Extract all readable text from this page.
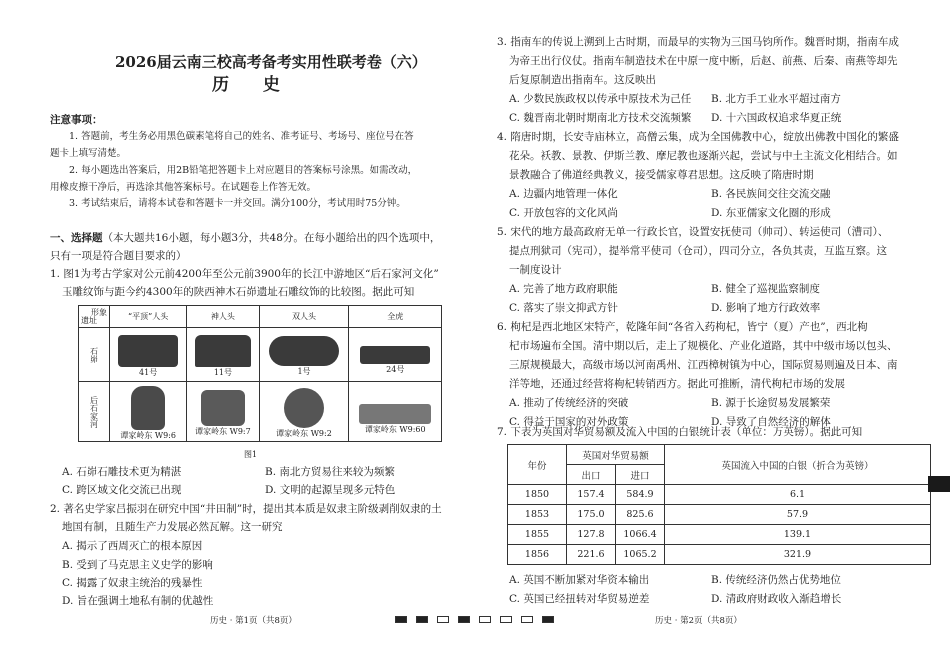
2026届云南三校高考备考实用性联考卷（六）
历 史
注意事项：
1. 答题前，考生务必用黑色碳素笔将自己的姓名、准考证号、考场号、座位号在答
题卡上填写清楚。
2. 每小题选出答案后，用2B铅笔把答题卡上对应题目的答案标号涂黑。如需改动，
用橡皮擦干净后，再选涂其他答案标号。在试题卷上作答无效。
3. 考试结束后，请将本试卷和答题卡一并交回。满分100分，考试用时75分钟。
一、选择题（本大题共16小题，每小题3分，共48分。在每小题给出的四个选项中，
只有一项是符合题目要求的）
1. 图1为考古学家对公元前4200年至公元前3900年的长江中游地区“后石家河文化”
玉雕纹饰与距今约4300年的陕西神木石峁遗址石雕纹饰的比较图。据此可知
形象
遗址	“平顶”人头	神人头	双人头	全虎
石峁	41号	11号	1号	24号

后石家河	谭家岭东 W9:6	谭家岭东 W9:7	谭家岭东 W9:2	谭家岭东 W9:60
图1
A. 石峁石雕技术更为精湛	B. 南北方贸易往来较为频繁
C. 跨区域文化交流已出现	D. 文明的起源呈现多元特色
2. 著名史学家吕振羽在研究中国“井田制”时，提出其本质是奴隶主阶级剥削奴隶的土
地国有制，且随生产力发展必然瓦解。这一研究
A. 揭示了西周灭亡的根本原因
B. 受到了马克思主义史学的影响
C. 揭露了奴隶主统治的残暴性
D. 旨在强调土地私有制的优越性
历史 · 第1页（共8页）
3. 指南车的传说上溯到上古时期，而最早的实物为三国马钧所作。魏晋时期，指南车成
为帝王出行仪仗。指南车制造技术在中原一度中断，后赵、前燕、后秦、南燕等却先
后复原制造出指南车。这反映出
A. 少数民族政权以传承中原技术为己任 B. 北方手工业水平超过南方
C. 魏晋南北朝时期南北方技术交流频繁 D. 十六国政权追求华夏正统
4. 隋唐时期，长安寺庙林立，高僧云集，成为全国佛教中心，绽放出佛教中国化的繁盛
花朵。袄教、景教、伊斯兰教、摩尼教也逐渐兴起，尝试与中土主流文化相结合。如
景教融合了佛道经典教义，接受儒家尊君思想。这反映了隋唐时期
A. 边疆内地管理一体化	B. 各民族间交往交流交融
C. 开放包容的文化风尚	D. 东亚儒家文化圈的形成
5. 宋代的地方最高政府无单一行政长官，设置安抚使司（帅司）、转运使司（漕司）、
提点刑狱司（宪司），提举常平使司（仓司），四司分立，各负其责，互监互察。这
一制度设计
A. 完善了地方政府职能	B. 健全了巡视监察制度
C. 落实了崇文抑武方针	D. 影响了地方行政效率
6. 枸杞是西北地区宋特产，乾隆年间“各省入药枸杞，皆宁（夏）产也”，西北枸
杞市场遍布全国。清中期以后，走上了规模化、产业化道路，其中中级市场以包头、
三原规模最大，高级市场以河南禹州、江西樟树镇为中心，国际贸易则遍及日本、南
洋等地，还通过经营将枸杞转销西方。据此可推断，清代枸杞市场的发展
A. 推动了传统经济的突破	B. 源于长途贸易发展繁荣
C. 得益于国家的对外政策	D. 导致了自然经济的解体
7. 下表为英国对华贸易额及流入中国的白银统计表（单位：万英镑）。据此可知
A. 英国不断加紧对华资本输出	B. 传统经济仍然占优势地位
C. 英国已经扭转对华贸易逆差	D. 清政府财政收入渐趋增长
历史 · 第2页（共8页）
年份	英国对华贸易额		英国流入中国的白银（折合为英镑）
	出口	进口	
1850	157.4	584.9	6.1
1853	175.0	825.6	57.9
1855	127.8	1066.4	139.1
1856	221.6	1065.2	321.9
